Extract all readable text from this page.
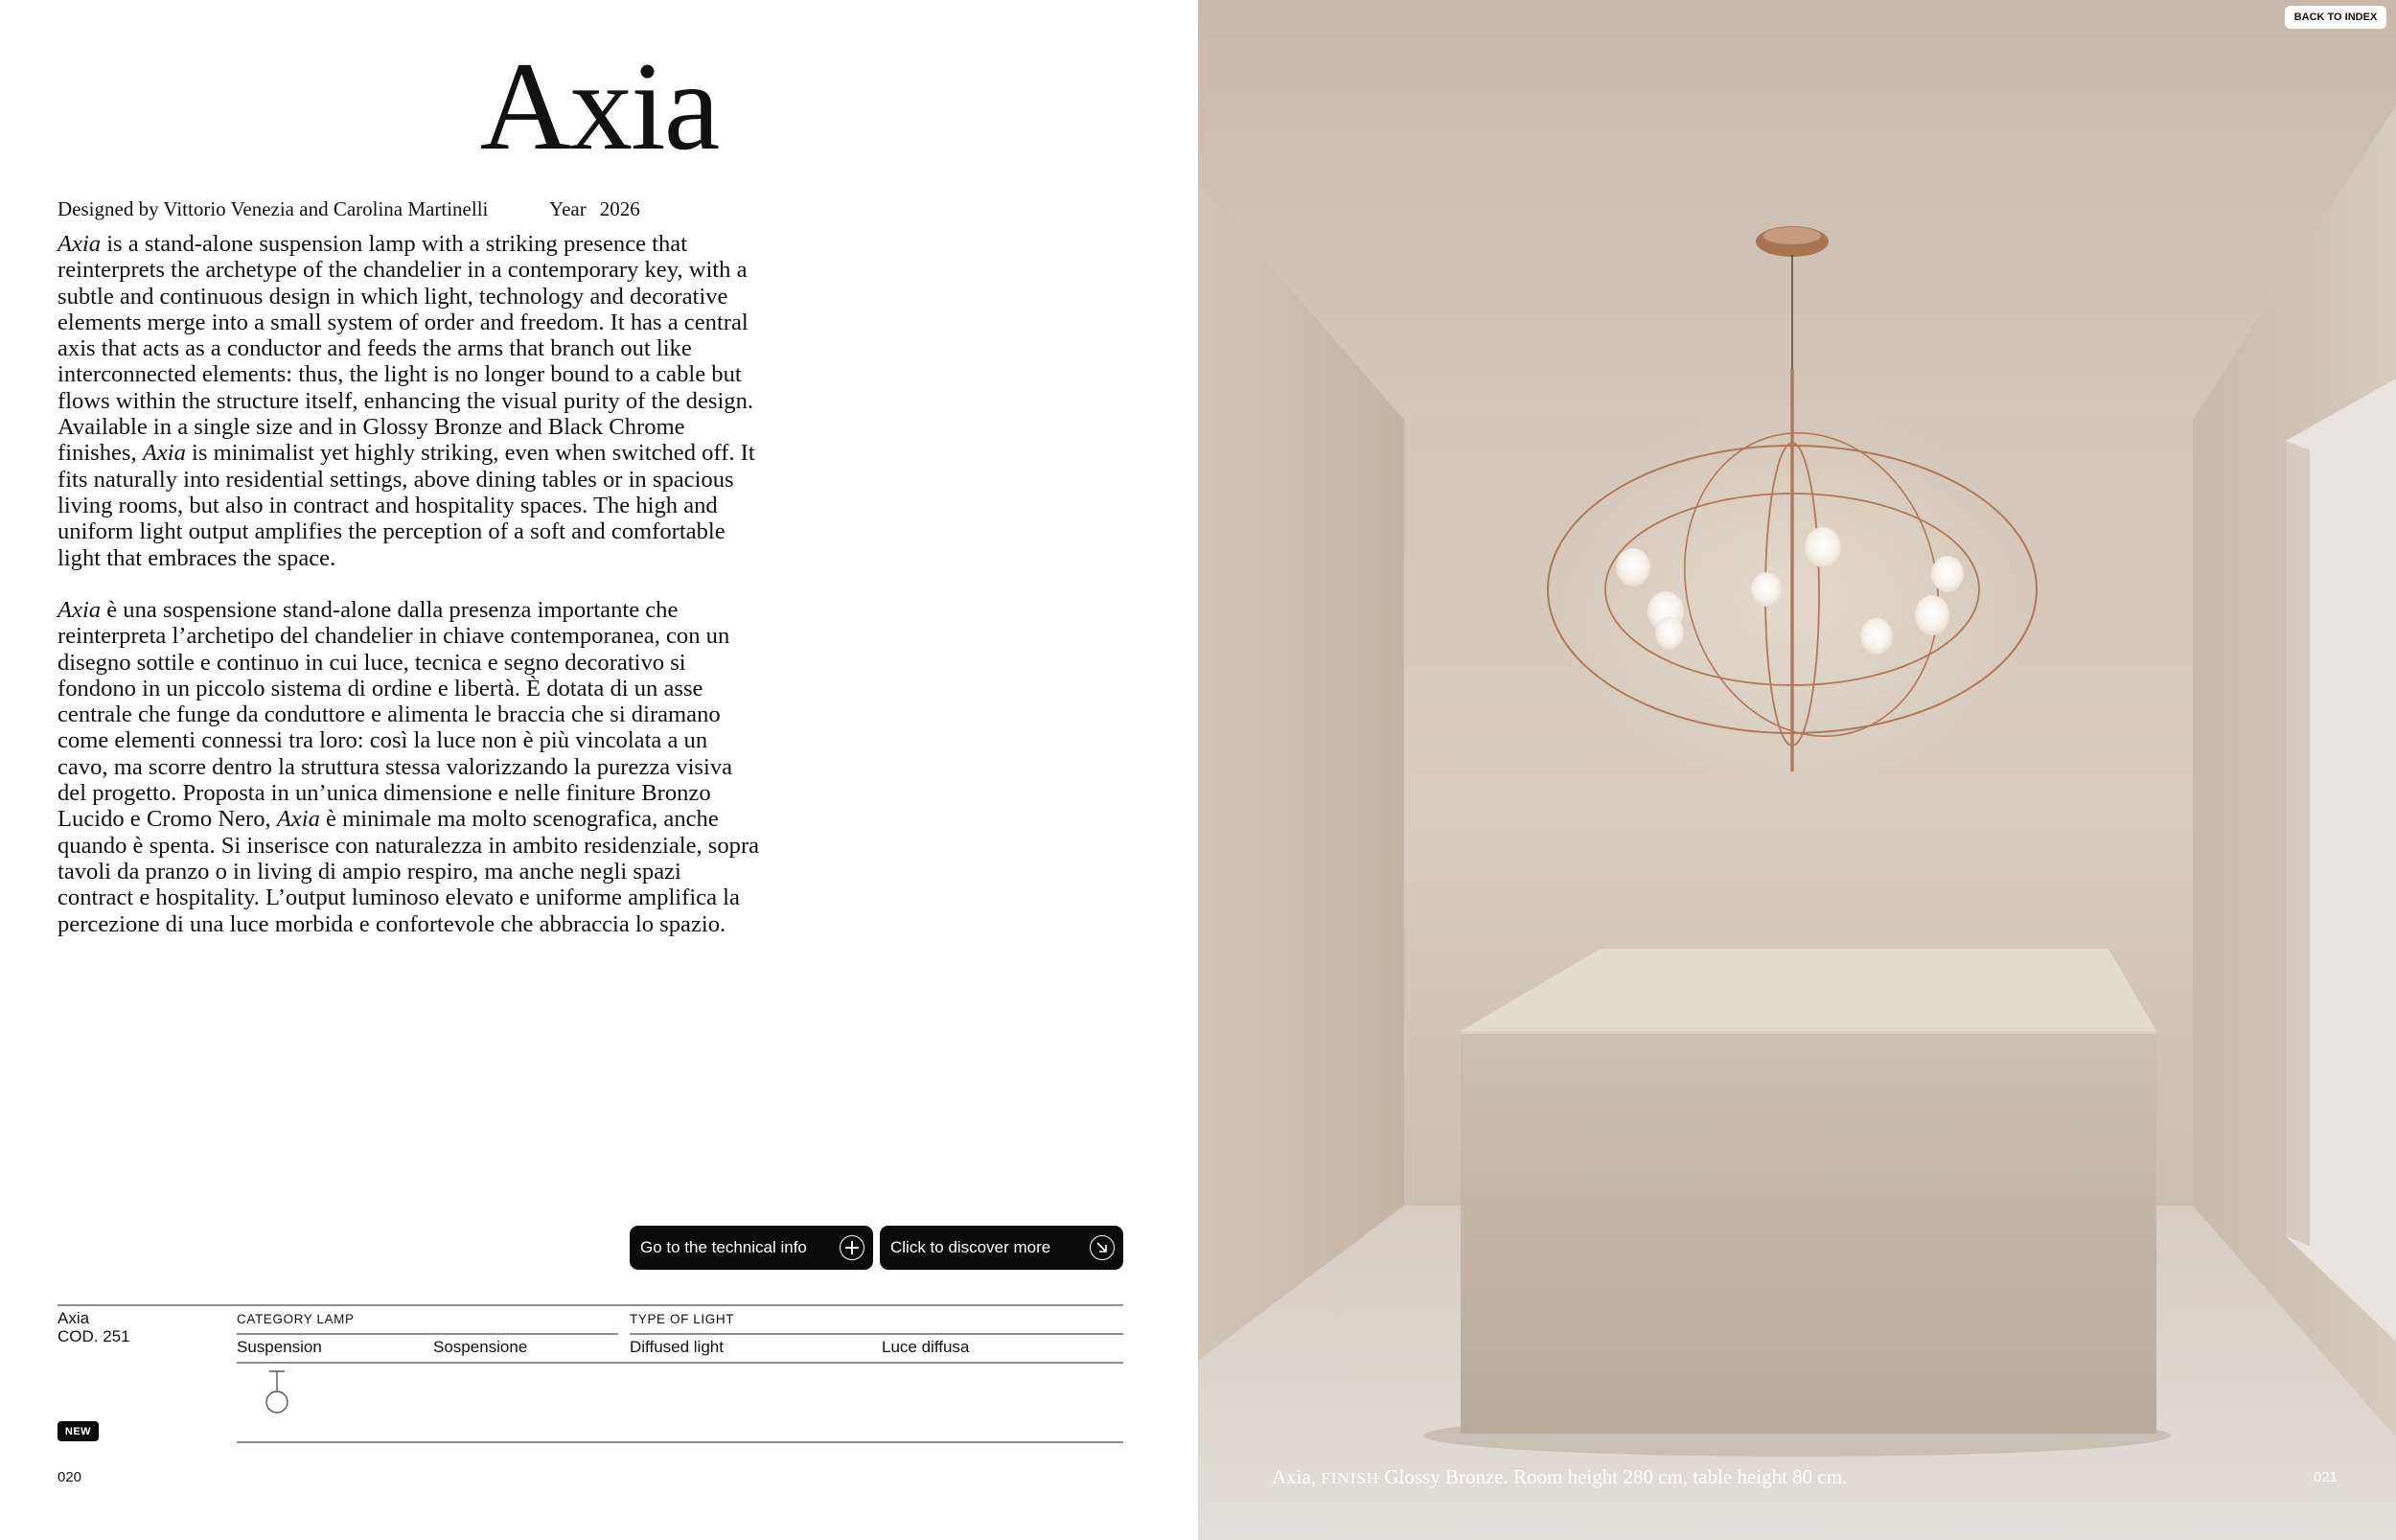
Axia
Designed by Vittorio Venezia and Carolina Martinelli	Year 2026

Axia is a stand-alone suspension lamp with a striking presence that reinterprets the archetype of the chandelier in a contemporary key, with a subtle and continuous design in which light, technology and decorative elements merge into a small system of order and freedom. It has a central axis that acts as a conductor and feeds the arms that branch out like interconnected elements: thus, the light is no longer bound to a cable but flows within the structure itself, enhancing the visual purity of the design. Available in a single size and in Glossy Bronze and Black Chrome finishes, Axia is minimalist yet highly striking, even when switched off. It fits naturally into residential settings, above dining tables or in spacious living rooms, but also in contract and hospitality spaces. The high and uniform light output amplifies the perception of a soft and comfortable light that embraces the space.

Axia è una sospensione stand-alone dalla presenza importante che reinterpreta l’archetipo del chandelier in chiave contemporanea, con un disegno sottile e continuo in cui luce, tecnica e segno decorativo si fondono in un piccolo sistema di ordine e libertà. È dotata di un asse centrale che funge da conduttore e alimenta le braccia che si diramano come elementi connessi tra loro: così la luce non è più vincolata a un cavo, ma scorre dentro la struttura stessa valorizzando la purezza visiva del progetto. Proposta in un’unica dimensione e nelle finiture Bronzo Lucido e Cromo Nero, Axia è minimale ma molto scenografica, anche quando è spenta. Si inserisce con naturalezza in ambito residenziale, sopra tavoli da pranzo o in living di ampio respiro, ma anche negli spazi contract e hospitality. L’output luminoso elevato e uniforme amplifica la percezione di una luce morbida e confortevole che abbraccia lo spazio.

Go to the technical info	Click to discover more
Axia
COD. 251
CATEGORY LAMP	TYPE OF LIGHT
Suspension	Sospensione	Diffused light	Luce diffusa
NEW
020	Axia, FINISH Glossy Bronze. Room height 280 cm, table height 80 cm.	021
BACK TO INDEX
